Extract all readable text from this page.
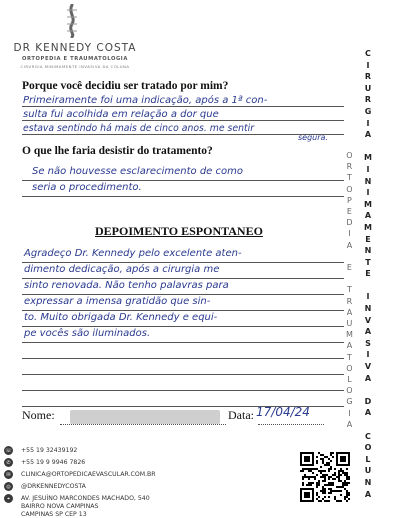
DR KENNEDY COSTA
ORTOPEDIA E TRAUMATOLOGIA
CIRURGIA MINIMAMENTE INVASIVA DA COLUNA
C
I
R
U
R
G
I
A

M
I
N
I
M
A
M
E
N
T
E

I
N
V
A
S
I
V
A

D
A

C
O
L
U
N
A
O
R
T
O
P
E
D
I
A

E

T
R
A
U
M
A
T
O
L
O
G
I
A
Porque você decidiu ser tratado por mim?
Primeiramente foi uma indicação, após a 1ª con-
sulta fui acolhida em relação a dor que
estava sentindo há mais de cinco anos. me sentir
segura.
O que lhe faria desistir do tratamento?
Se não houvesse esclarecimento de como
seria o procedimento.
DEPOIMENTO ESPONTANEO
Agradeço Dr. Kennedy pelo excelente aten-
dimento dedicação, após a cirurgia me
sinto renovada. Não tenho palavras para
expressar a imensa gratidão que sin-
to. Muito obrigada Dr. Kennedy e equi-
pe vocês são iluminados.
Nome:	Data: 17/04/24
☏ +55 19 32439192
✆	+55 19 9 9946 7826
✉	CLINICA@ORTOPEDICAEVASCULAR.COM.BR
◎	@DRKENNEDYCOSTA
⌖	AV. JESUÍNO MARCONDES MACHADO, 540
BAIRRO NOVA CAMPINAS
CAMPINAS SP CEP 13
